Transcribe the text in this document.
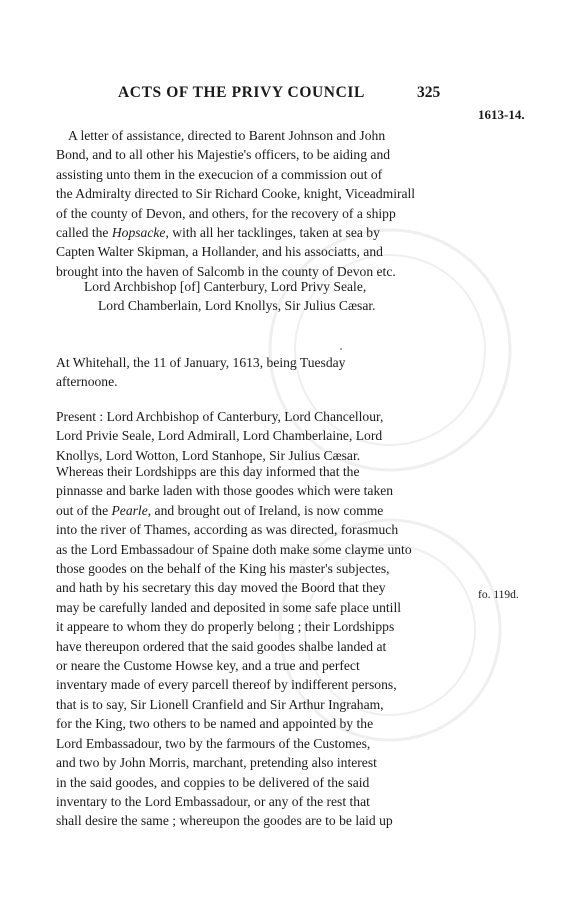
ACTS OF THE PRIVY COUNCIL	325
1613-14.
fo. 119d.
A letter of assistance, directed to Barent Johnson and John
Bond, and to all other his Majestie's officers, to be aiding and
assisting unto them in the execucion of a commission out of
the Admiralty directed to Sir Richard Cooke, knight, Viceadmirall
of the county of Devon, and others, for the recovery of a shipp
called the Hopsacke, with all her tacklinges, taken at sea by
Capten Walter Skipman, a Hollander, and his associatts, and
brought into the haven of Salcomb in the county of Devon etc.
Lord Archbishop [of] Canterbury, Lord Privy Seale,
Lord Chamberlain, Lord Knollys, Sir Julius Cæsar.
At Whitehall, the 11 of January, 1613, being Tuesday
afternoone.
Present : Lord Archbishop of Canterbury, Lord Chancellour,
Lord Privie Seale, Lord Admirall, Lord Chamberlaine, Lord
Knollys, Lord Wotton, Lord Stanhope, Sir Julius Cæsar.
Whereas their Lordshipps are this day informed that the
pinnasse and barke laden with those goodes which were taken
out of the Pearle, and brought out of Ireland, is now comme
into the river of Thames, according as was directed, forasmuch
as the Lord Embassadour of Spaine doth make some clayme unto
those goodes on the behalf of the King his master's subjectes,
and hath by his secretary this day moved the Boord that they
may be carefully landed and deposited in some safe place untill
it appeare to whom they do properly belong ; their Lordshipps
have thereupon ordered that the said goodes shalbe landed at
or neare the Custome Howse key, and a true and perfect
inventary made of every parcell thereof by indifferent persons,
that is to say, Sir Lionell Cranfield and Sir Arthur Ingraham,
for the King, two others to be named and appointed by the
Lord Embassadour, two by the farmours of the Customes,
and two by John Morris, marchant, pretending also interest
in the said goodes, and coppies to be delivered of the said
inventary to the Lord Embassadour, or any of the rest that
shall desire the same ; whereupon the goodes are to be laid up
